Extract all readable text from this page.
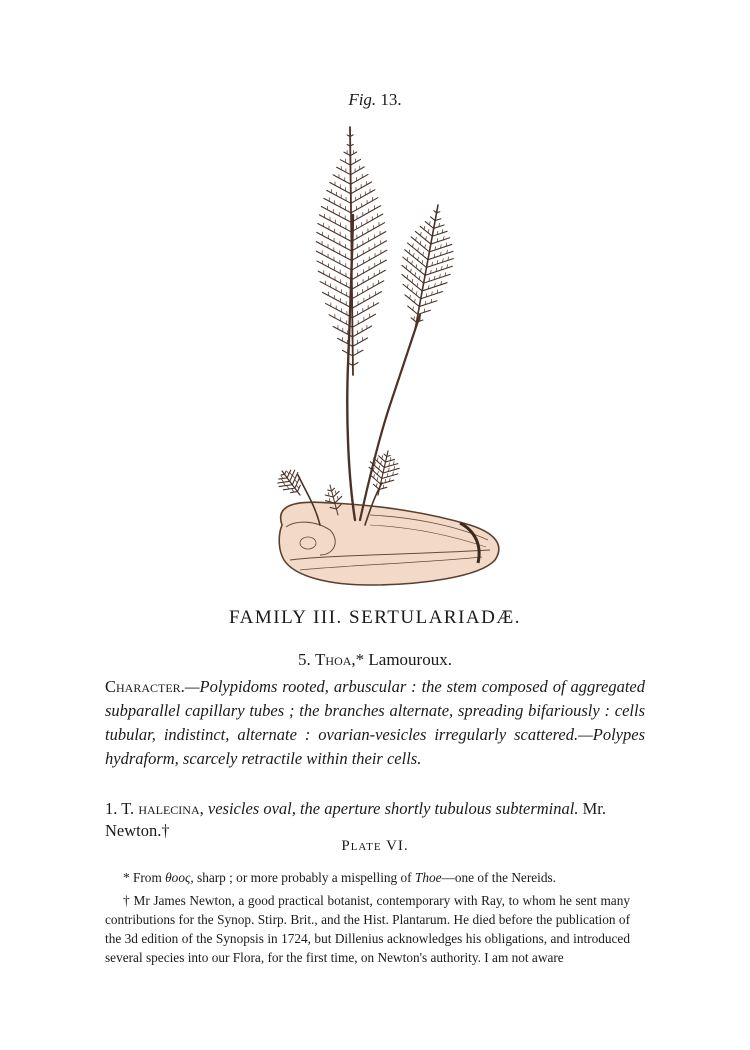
Fig. 13.
FAMILY III. SERTULARIADÆ.
5. Thoa,* Lamouroux.

Character.—Polypidoms rooted, arbuscular : the stem composed of aggregated subparallel capillary tubes ; the branches alternate, spreading bifariously : cells tubular, indistinct, alternate : ovarian-vesicles irregularly scattered.—Polypes hydraform, scarcely retractile within their cells.

1. T. halecina, vesicles oval, the aperture shortly tubulous subterminal. Mr. Newton.†
Plate VI.

* From θοος, sharp ; or more probably a mispelling of Thoe—one of the Nereids.

† Mr James Newton, a good practical botanist, contemporary with Ray, to whom he sent many contributions for the Synop. Stirp. Brit., and the Hist. Plantarum. He died before the publication of the 3d edition of the Synopsis in 1724, but Dillenius acknowledges his obligations, and introduced several species into our Flora, for the first time, on Newton's authority. I am not aware
